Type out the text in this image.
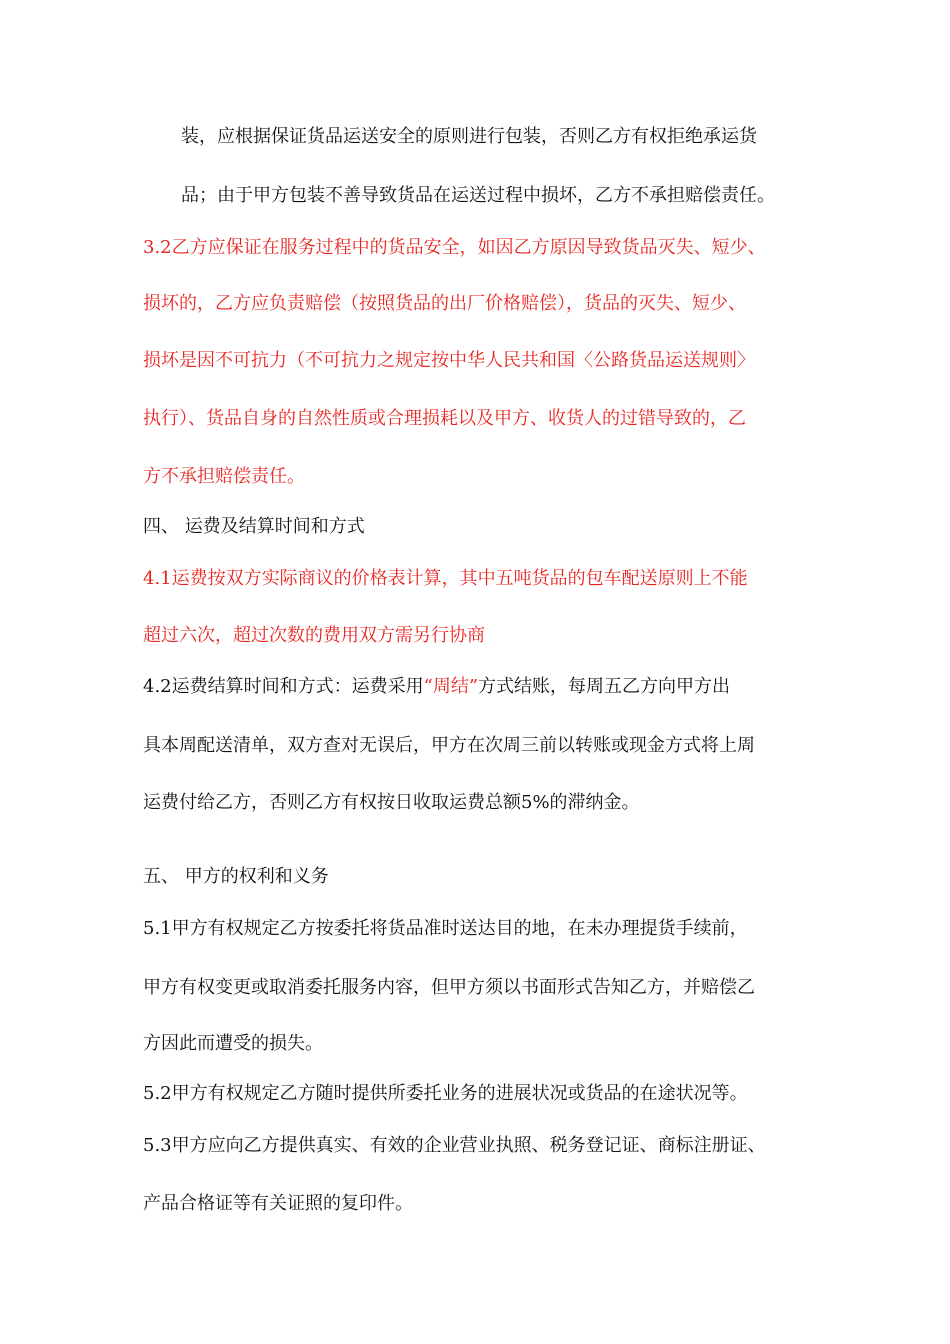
装，应根据保证货品运送安全的原则进行包装，否则乙方有权拒绝承运货
品；由于甲方包装不善导致货品在运送过程中损坏，乙方不承担赔偿责任。
3.2乙方应保证在服务过程中的货品安全，如因乙方原因导致货品灭失、短少、
损坏的，乙方应负责赔偿（按照货品的出厂价格赔偿），货品的灭失、短少、
损坏是因不可抗力（不可抗力之规定按中华人民共和国〈公路货品运送规则〉
执行）、货品自身的自然性质或合理损耗以及甲方、收货人的过错导致的，乙
方不承担赔偿责任。
四、 运费及结算时间和方式
4.1运费按双方实际商议的价格表计算，其中五吨货品的包车配送原则上不能
超过六次，超过次数的费用双方需另行协商
4.2运费结算时间和方式：运费采用“周结”方式结账，每周五乙方向甲方出
具本周配送清单，双方查对无误后，甲方在次周三前以转账或现金方式将上周
运费付给乙方，否则乙方有权按日收取运费总额5%的滞纳金。
五、 甲方的权利和义务
5.1甲方有权规定乙方按委托将货品准时送达目的地，在未办理提货手续前，
甲方有权变更或取消委托服务内容，但甲方须以书面形式告知乙方，并赔偿乙
方因此而遭受的损失。
5.2甲方有权规定乙方随时提供所委托业务的进展状况或货品的在途状况等。
5.3甲方应向乙方提供真实、有效的企业营业执照、税务登记证、商标注册证、
产品合格证等有关证照的复印件。
